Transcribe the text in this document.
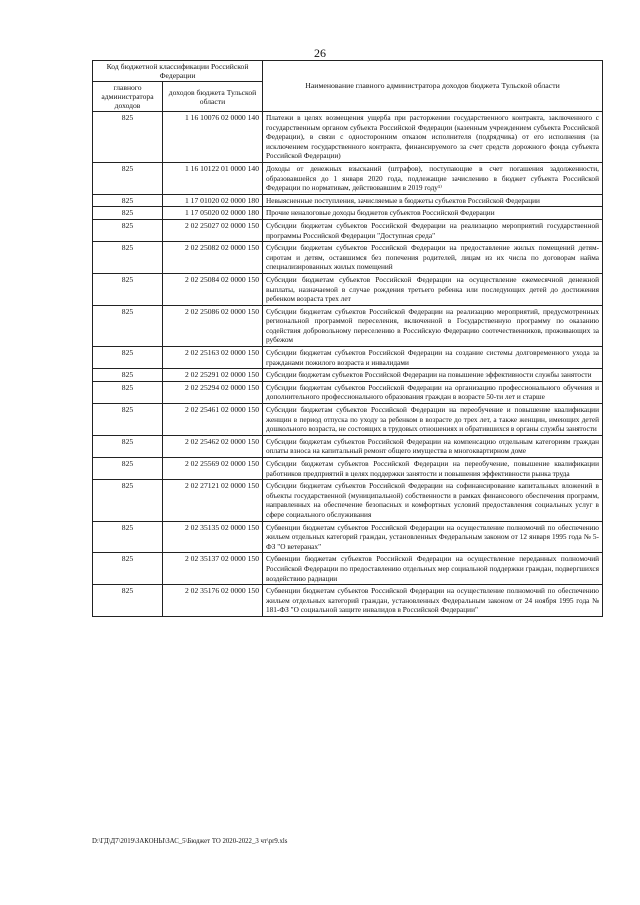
26
Код бюджетной классификации Российской Федерации		Наименование главного администратора доходов бюджета Тульской области
главного администратора доходов	доходов бюджета Тульской области	
825	1 16 10076 02 0000 140	Платежи в целях возмещения ущерба при расторжении государственного контракта, заключенного с государственным органом субъекта Российской Федерации (казенным учреждением субъекта Российской Федерации), в связи с односторонним отказом исполнителя (подрядчика) от его исполнения (за исключением государственного контракта, финансируемого за счет средств дорожного фонда субъекта Российской Федерации)
825	1 16 10122 01 0000 140	Доходы от денежных взысканий (штрафов), поступающие в счет погашения задолженности, образовавшейся до 1 января 2020 года, подлежащие зачислению в бюджет субъекта Российской Федерации по нормативам, действовавшим в 2019 году¹⁾
825	1 17 01020 02 0000 180	Невыясненные поступления, зачисляемые в бюджеты субъектов Российской Федерации
825	1 17 05020 02 0000 180	Прочие неналоговые доходы бюджетов субъектов Российской Федерации
825	2 02 25027 02 0000 150	Субсидии бюджетам субъектов Российской Федерации на реализацию мероприятий государственной программы Российской Федерации "Доступная среда"
825	2 02 25082 02 0000 150	Субсидии бюджетам субъектов Российской Федерации на предоставление жилых помещений детям-сиротам и детям, оставшимся без попечения родителей, лицам из их числа по договорам найма специализированных жилых помещений
825	2 02 25084 02 0000 150	Субсидии бюджетам субъектов Российской Федерации на осуществление ежемесячной денежной выплаты, назначаемой в случае рождения третьего ребенка или последующих детей до достижения ребенком возраста трех лет
825	2 02 25086 02 0000 150	Субсидии бюджетам субъектов Российской Федерации на реализацию мероприятий, предусмотренных региональной программой переселения, включенной в Государственную программу по оказанию содействия добровольному переселению в Российскую Федерацию соотечественников, проживающих за рубежом
825	2 02 25163 02 0000 150	Субсидии бюджетам субъектов Российской Федерации на создание системы долговременного ухода за гражданами пожилого возраста и инвалидами
825	2 02 25291 02 0000 150	Субсидии бюджетам субъектов Российской Федерации на повышение эффективности службы занятости
825	2 02 25294 02 0000 150	Субсидии бюджетам субъектов Российской Федерации на организацию профессионального обучения и дополнительного профессионального образования граждан в возрасте 50-ти лет и старше
825	2 02 25461 02 0000 150	Субсидии бюджетам субъектов Российской Федерации на переобучение и повышение квалификации женщин в период отпуска по уходу за ребенком в возрасте до трех лет, а также женщин, имеющих детей дошкольного возраста, не состоящих в трудовых отношениях и обратившихся в органы службы занятости
825	2 02 25462 02 0000 150	Субсидии бюджетам субъектов Российской Федерации на компенсацию отдельным категориям граждан оплаты взноса на капитальный ремонт общего имущества в многоквартирном доме
825	2 02 25569 02 0000 150	Субсидии бюджетам субъектов Российской Федерации на переобучение, повышение квалификации работников предприятий в целях поддержки занятости и повышения эффективности рынка труда
825	2 02 27121 02 0000 150	Субсидии бюджетам субъектов Российской Федерации на софинансирование капитальных вложений в объекты государственной (муниципальной) собственности в рамках финансового обеспечения программ, направленных на обеспечение безопасных и комфортных условий предоставления социальных услуг в сфере социального обслуживания
825	2 02 35135 02 0000 150	Субвенции бюджетам субъектов Российской Федерации на осуществление полномочий по обеспечению жильем отдельных категорий граждан, установленных Федеральным законом от 12 января 1995 года № 5-ФЗ "О ветеранах"
825	2 02 35137 02 0000 150	Субвенции бюджетам субъектов Российской Федерации на осуществление переданных полномочий Российской Федерации по предоставлению отдельных мер социальной поддержки граждан, подвергшихся воздействию радиации
825	2 02 35176 02 0000 150	Субвенции бюджетам субъектов Российской Федерации на осуществление полномочий по обеспечению жильем отдельных категорий граждан, установленных Федеральным законом от 24 ноября 1995 года № 181-ФЗ "О социальной защите инвалидов в Российской Федерации"
D:\ГД\Д7\2019\ЗАКОНЫ\ЗАС_5\Бюджет ТО 2020-2022_3 чт\pr9.xls
